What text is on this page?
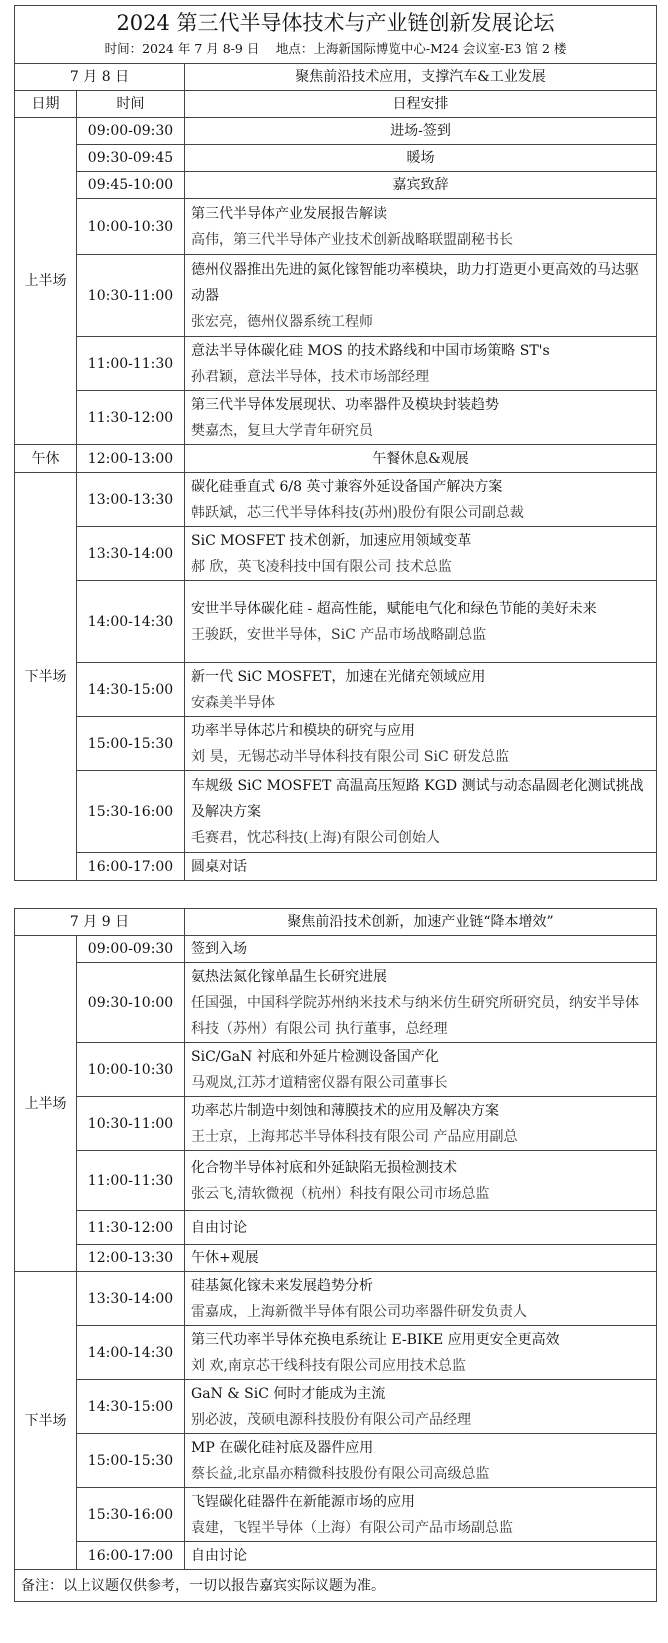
2024 第三代半导体技术与产业链创新发展论坛		
时间：2024 年 7 月 8-9 日　 地点：上海新国际博览中心-M24 会议室-E3 馆 2 楼		
7 月 8 日		聚焦前沿技术应用，支撑汽车&工业发展
日期	时间	日程安排
上半场	09:00-09:30	进场-签到
	09:30-09:45	暖场
	09:45-10:00	嘉宾致辞
	10:00-10:30	第三代半导体产业发展报告解读
高伟，第三代半导体产业技术创新战略联盟副秘书长

	10:30-11:00	德州仪器推出先进的氮化镓智能功率模块，助力打造更小更高效的马达驱动器
张宏亮，德州仪器系统工程师

	11:00-11:30	意法半导体碳化硅 MOS 的技术路线和中国市场策略 ST's
孙君颖，意法半导体，技术市场部经理

	11:30-12:00	第三代半导体发展现状、功率器件及模块封装趋势
樊嘉杰，复旦大学青年研究员

午休	12:00-13:00	午餐休息&观展
下半场	13:00-13:30	碳化硅垂直式 6/8 英寸兼容外延设备国产解决方案
韩跃斌，芯三代半导体科技(苏州)股份有限公司副总裁

	13:30-14:00	SiC MOSFET 技术创新，加速应用领域变革
郝 欣，英飞凌科技中国有限公司 技术总监

	14:00-14:30	安世半导体碳化硅 - 超高性能，赋能电气化和绿色节能的美好未来
王骏跃，安世半导体，SiC 产品市场战略副总监

	14:30-15:00	新一代 SiC MOSFET，加速在光储充领域应用
安森美半导体

	15:00-15:30	功率半导体芯片和模块的研究与应用
刘 昊，无锡芯动半导体科技有限公司 SiC 研发总监

	15:30-16:00	车规级 SiC MOSFET 高温高压短路 KGD 测试与动态晶圆老化测试挑战及解决方案
毛赛君，忱芯科技(上海)有限公司创始人

	16:00-17:00	圆桌对话
7 月 9 日		聚焦前沿技术创新，加速产业链“降本增效”
上半场	09:00-09:30	签到入场
	09:30-10:00	氨热法氮化镓单晶生长研究进展
任国强，中国科学院苏州纳米技术与纳米仿生研究所研究员，纳安半导体科技（苏州）有限公司 执行董事，总经理

	10:00-10:30	SiC/GaN 衬底和外延片检测设备国产化
马观岚,江苏才道精密仪器有限公司董事长

	10:30-11:00	功率芯片制造中刻蚀和薄膜技术的应用及解决方案
王士京，上海邦芯半导体科技有限公司 产品应用副总

	11:00-11:30	化合物半导体衬底和外延缺陷无损检测技术
张云飞,清软微视（杭州）科技有限公司市场总监

	11:30-12:00	自由讨论
	12:00-13:30	午休+观展
下半场	13:30-14:00	硅基氮化镓未来发展趋势分析
雷嘉成，上海新微半导体有限公司功率器件研发负责人

	14:00-14:30	第三代功率半导体充换电系统让 E-BIKE 应用更安全更高效
刘 欢,南京芯干线科技有限公司应用技术总监

	14:30-15:00	GaN & SiC 何时才能成为主流
别必波，茂硕电源科技股份有限公司产品经理

	15:00-15:30	MP 在碳化硅衬底及器件应用
蔡长益,北京晶亦精微科技股份有限公司高级总监

	15:30-16:00	飞锃碳化硅器件在新能源市场的应用
袁建，飞锃半导体（上海）有限公司产品市场副总监

	16:00-17:00	自由讨论
备注：以上议题仅供参考，一切以报告嘉宾实际议题为准。		
